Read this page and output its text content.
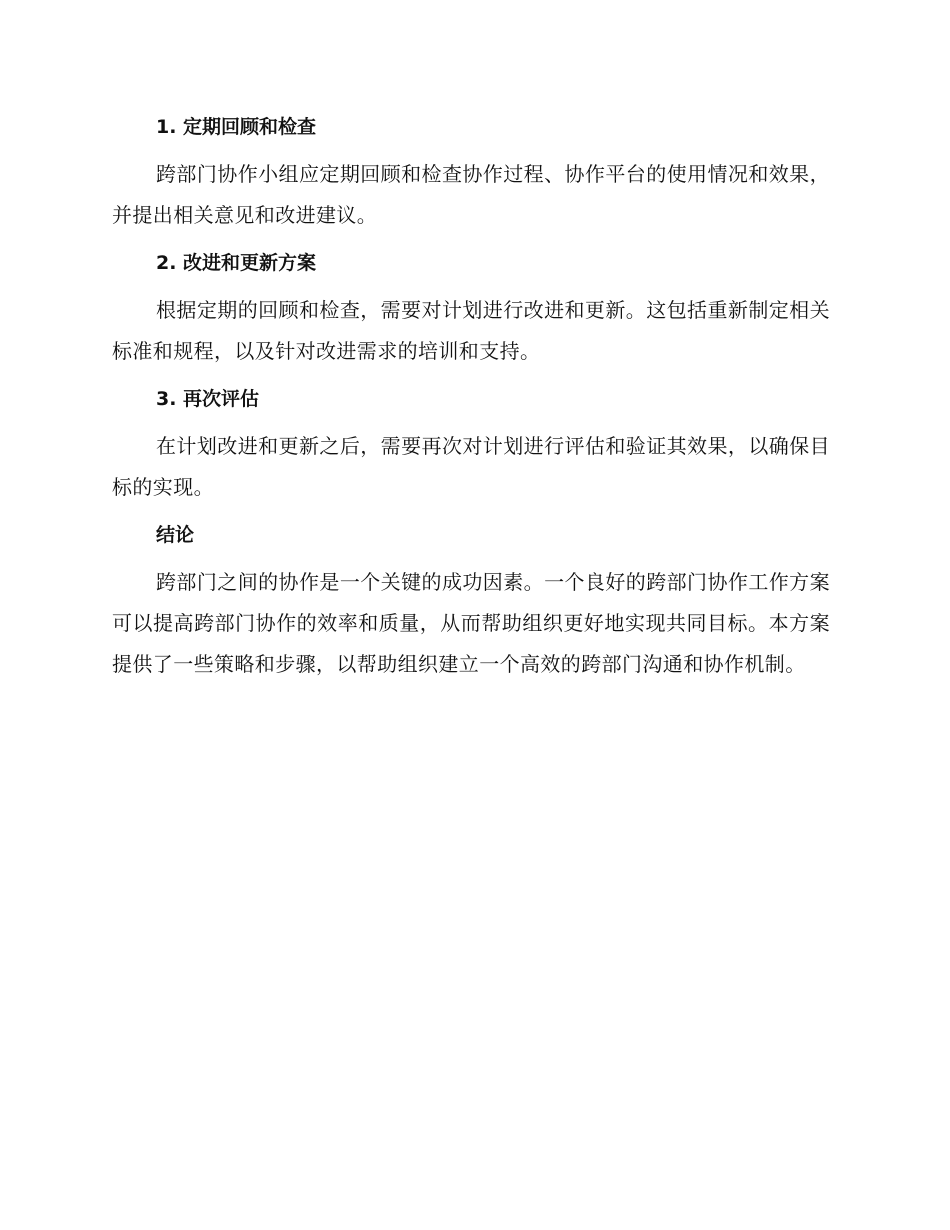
1. 定期回顾和检查

跨部门协作小组应定期回顾和检查协作过程、协作平台的使用情况和效果，并提出相关意见和改进建议。

2. 改进和更新方案

根据定期的回顾和检查，需要对计划进行改进和更新。这包括重新制定相关标准和规程，以及针对改进需求的培训和支持。

3. 再次评估

在计划改进和更新之后，需要再次对计划进行评估和验证其效果，以确保目标的实现。

结论

跨部门之间的协作是一个关键的成功因素。一个良好的跨部门协作工作方案可以提高跨部门协作的效率和质量，从而帮助组织更好地实现共同目标。本方案提供了一些策略和步骤，以帮助组织建立一个高效的跨部门沟通和协作机制。
